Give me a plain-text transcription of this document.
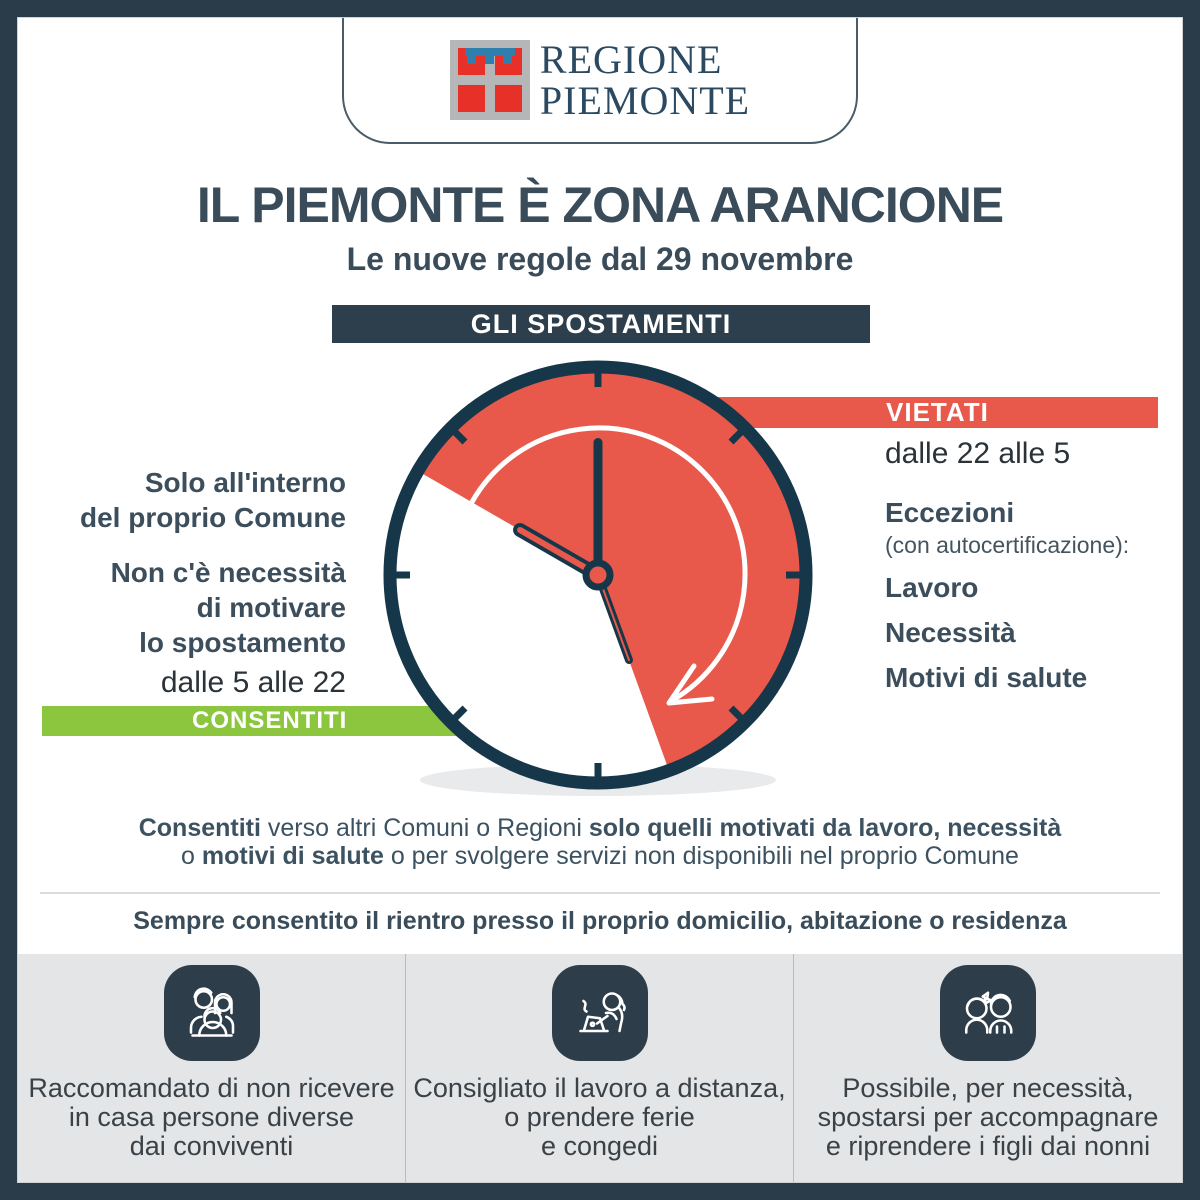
REGIONE
PIEMONTE
IL PIEMONTE È ZONA ARANCIONE
Le nuove regole dal 29 novembre
GLI SPOSTAMENTI
VIETATI
CONSENTITI
Solo all'interno
del proprio Comune
Non c'è necessità
di motivare
lo spostamento
dalle 5 alle 22
dalle 22 alle 5
Eccezioni
(con autocertificazione):
Lavoro
Necessità
Motivi di salute
Consentiti verso altri Comuni o Regioni solo quelli motivati da lavoro, necessità
o motivi di salute o per svolgere servizi non disponibili nel proprio Comune
Sempre consentito il rientro presso il proprio domicilio, abitazione o residenza
Raccomandato di non ricevere
in casa persone diverse
dai conviventi
Consigliato il lavoro a distanza,
o prendere ferie
e congedi
Possibile, per necessità,
spostarsi per accompagnare
e riprendere i figli dai nonni
